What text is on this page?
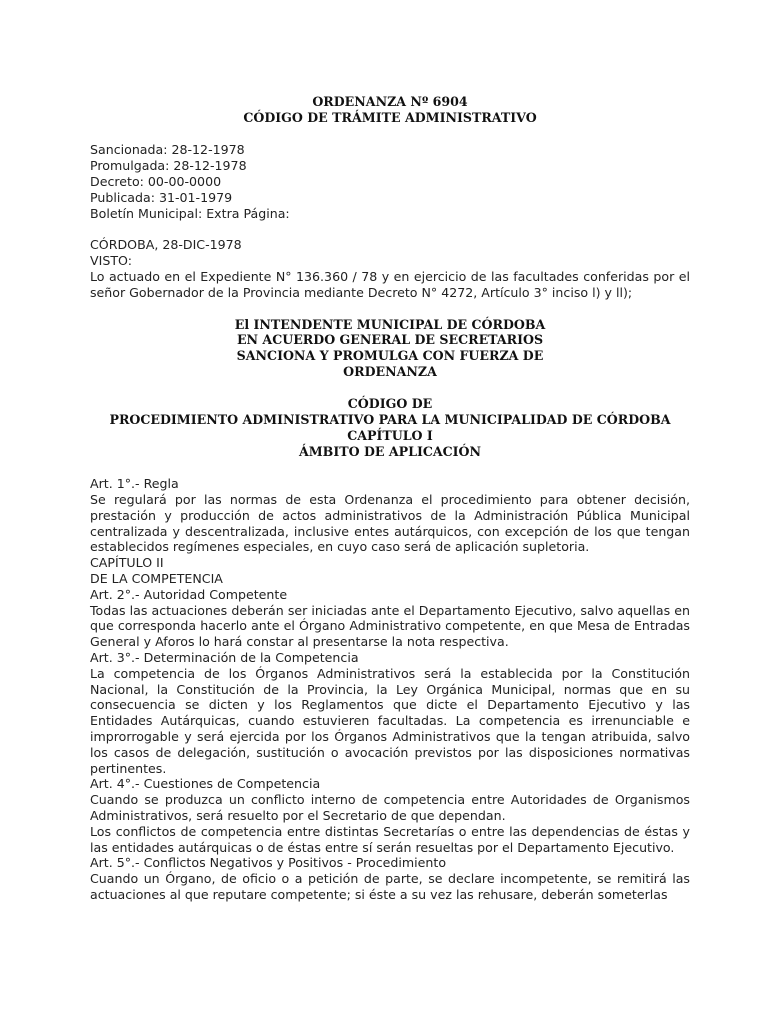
ORDENANZA Nº 6904
CÓDIGO DE TRÁMITE ADMINISTRATIVO
Sancionada: 28-12-1978
Promulgada: 28-12-1978
Decreto: 00-00-0000
Publicada: 31-01-1979
Boletín Municipal: Extra Página:
CÓRDOBA, 28-DIC-1978
VISTO:
Lo actuado en el Expediente N° 136.360 / 78 y en ejercicio de las facultades conferidas por el señor Gobernador de la Provincia mediante Decreto N° 4272, Artículo 3° inciso l) y ll);
El INTENDENTE MUNICIPAL DE CÓRDOBA
EN ACUERDO GENERAL DE SECRETARIOS
SANCIONA Y PROMULGA CON FUERZA DE
ORDENANZA
CÓDIGO DE
PROCEDIMIENTO ADMINISTRATIVO PARA LA MUNICIPALIDAD DE CÓRDOBA
CAPÍTULO I
ÁMBITO DE APLICACIÓN
Art. 1°.- Regla
Se regulará por las normas de esta Ordenanza el procedimiento para obtener decisión, prestación y producción de actos administrativos de la Administración Pública Municipal centralizada y descentralizada, inclusive entes autárquicos, con excepción de los que tengan establecidos regímenes especiales, en cuyo caso será de aplicación supletoria.
CAPÍTULO II
DE LA COMPETENCIA
Art. 2°.- Autoridad Competente
Todas las actuaciones deberán ser iniciadas ante el Departamento Ejecutivo, salvo aquellas en que corresponda hacerlo ante el Órgano Administrativo competente, en que Mesa de Entradas General y Aforos lo hará constar al presentarse la nota respectiva.
Art. 3°.- Determinación de la Competencia
La competencia de los Órganos Administrativos será la establecida por la Constitución Nacional, la Constitución de la Provincia, la Ley Orgánica Municipal, normas que en su consecuencia se dicten y los Reglamentos que dicte el Departamento Ejecutivo y las Entidades Autárquicas, cuando estuvieren facultadas. La competencia es irrenunciable e improrrogable y será ejercida por los Órganos Administrativos que la tengan atribuida, salvo los casos de delegación, sustitución o avocación previstos por las disposiciones normativas pertinentes.
Art. 4°.- Cuestiones de Competencia
Cuando se produzca un conflicto interno de competencia entre Autoridades de Organismos Administrativos, será resuelto por el Secretario de que dependan.
Los conflictos de competencia entre distintas Secretarías o entre las dependencias de éstas y las entidades autárquicas o de éstas entre sí serán resueltas por el Departamento Ejecutivo.
Art. 5°.- Conflictos Negativos y Positivos - Procedimiento
Cuando un Órgano, de oficio o a petición de parte, se declare incompetente, se remitirá las actuaciones al que reputare competente; si éste a su vez las rehusare, deberán someterlas
